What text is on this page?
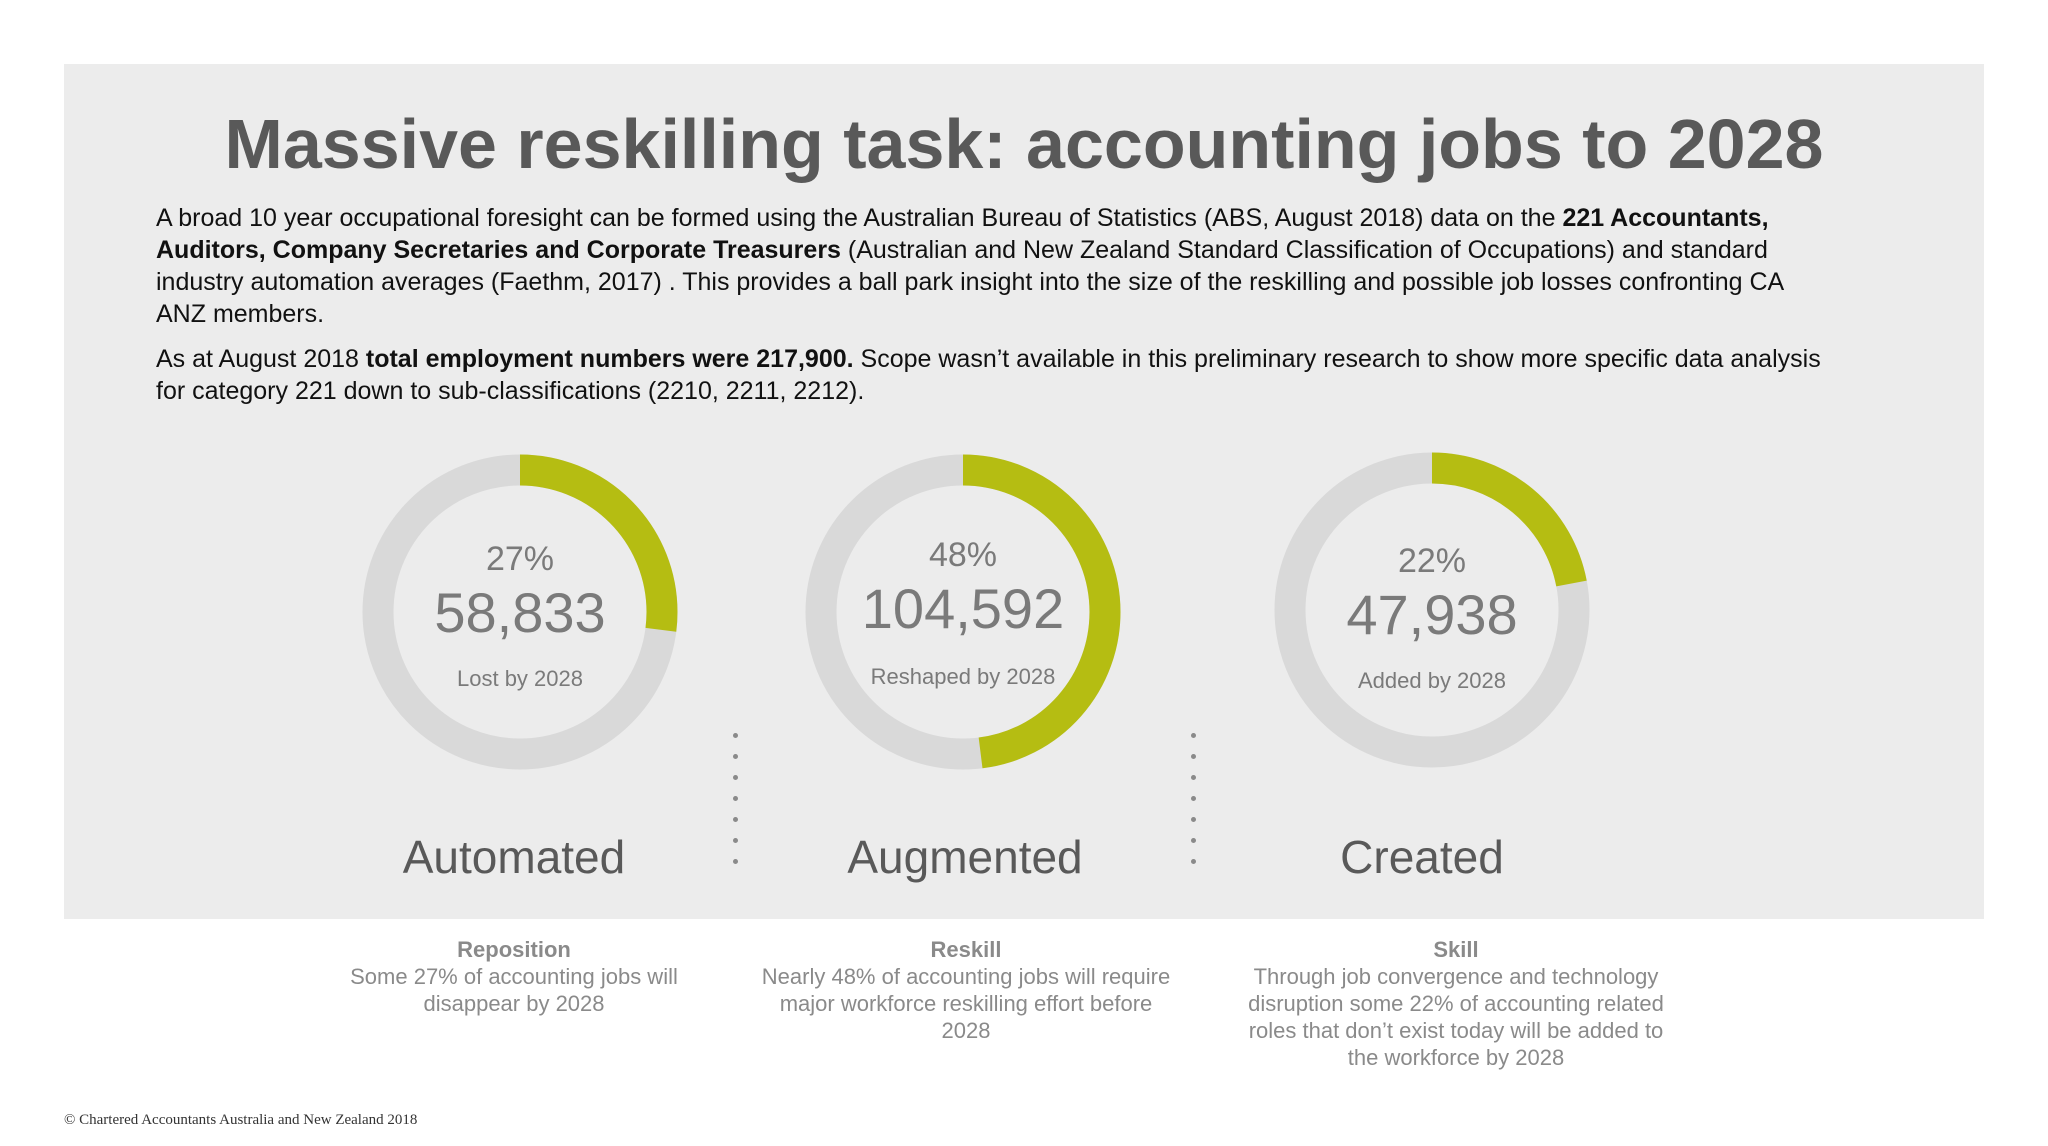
Massive reskilling task: accounting jobs to 2028

A broad 10 year occupational foresight can be formed using the Australian Bureau of Statistics (ABS, August 2018) data on the 221 Accountants, Auditors, Company Secretaries and Corporate Treasurers (Australian and New Zealand Standard Classification of Occupations) and standard industry automation averages (Faethm, 2017) . This provides a ball park insight into the size of the reskilling and possible job losses confronting CA ANZ members.

As at August 2018 total employment numbers were 217,900. Scope wasn’t available in this preliminary research to show more specific data analysis for category 221 down to sub-classifications (2210, 2211, 2212).

27%
58,833
Lost by 2028
48%
104,592
Reshaped by 2028
22%
47,938
Added by 2028
Automated	Augmented	Created
Reposition
Some 27% of accounting jobs will disappear by 2028
Reskill
Nearly 48% of accounting jobs will require major workforce reskilling effort before 2028
Skill
Through job convergence and technology disruption some 22% of accounting related roles that don’t exist today will be added to the workforce by 2028
© Chartered Accountants Australia and New Zealand 2018
